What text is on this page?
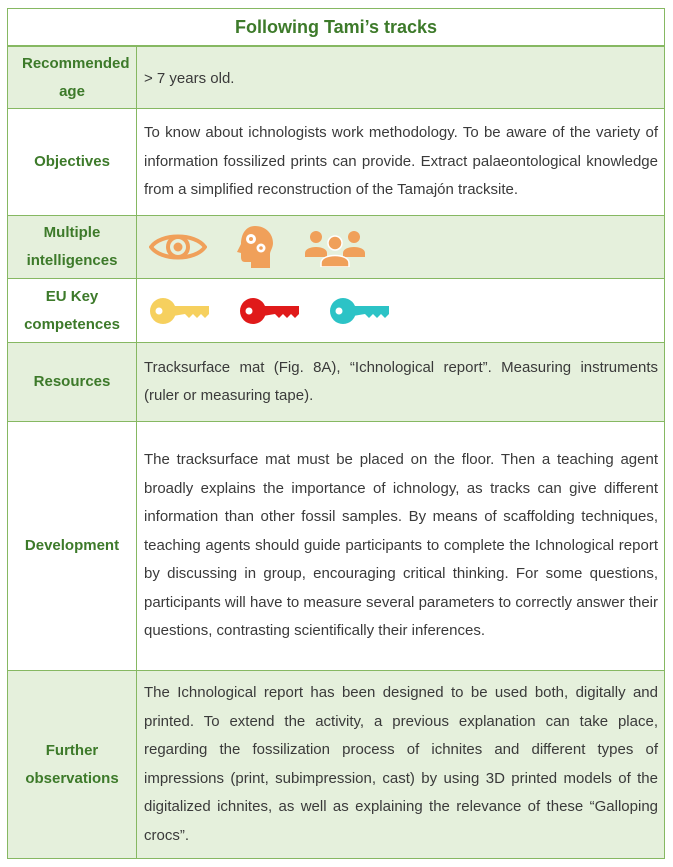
Following Tami’s tracks
Recommended age

> 7 years old.

Objectives

To know about ichnologists work methodology. To be aware of the variety of information fossilized prints can provide. Extract palaeontological knowledge from a simplified reconstruction of the Tamajón tracksite.

Multiple intelligences
EU Key competences
Resources

Tracksurface mat (Fig. 8A), “Ichnological report”. Measuring instruments (ruler or measuring tape).

Development

The tracksurface mat must be placed on the floor. Then a teaching agent broadly explains the importance of ichnology, as tracks can give different information than other fossil samples. By means of scaffolding techniques, teaching agents should guide participants to complete the Ichnological report by discussing in group, encouraging critical thinking. For some questions, participants will have to measure several parameters to correctly answer their questions, contrasting scientifically their inferences.

Further observations

The Ichnological report has been designed to be used both, digitally and printed. To extend the activity, a previous explanation can take place, regarding the fossilization process of ichnites and different types of impressions (print, subimpression, cast) by using 3D printed models of the digitalized ichnites, as well as explaining the relevance of these “Galloping crocs”.
